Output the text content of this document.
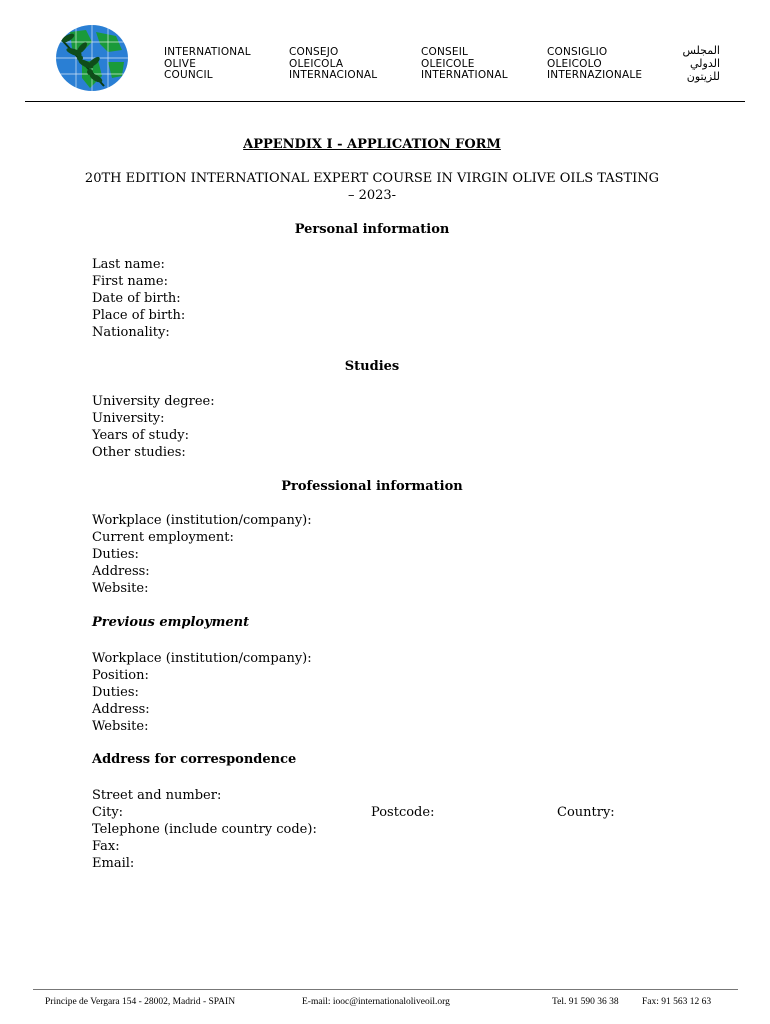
INTERNATIONAL
OLIVE
COUNCIL
CONSEJO
OLEICOLA
INTERNACIONAL
CONSEIL
OLEICOLE
INTERNATIONAL
CONSIGLIO
OLEICOLO
INTERNAZIONALE
المجلس
الدولي
للزيتون
APPENDIX I - APPLICATION FORM
20TH EDITION INTERNATIONAL EXPERT COURSE IN VIRGIN OLIVE OILS TASTING
– 2023-
Personal information
Last name:
First name:
Date of birth:
Place of birth:
Nationality:
Studies
University degree:
University:
Years of study:
Other studies:
Professional information
Workplace (institution/company):
Current employment:
Duties:
Address:
Website:
Previous employment
Workplace (institution/company):
Position:
Duties:
Address:
Website:
Address for correspondence
Street and number:
City:	Postcode:	Country:
Telephone (include country code):
Fax:
Email:
Principe de Vergara 154 - 28002, Madrid - SPAIN	E-mail: iooc@internationaloliveoil.org	Tel. 91 590 36 38 Fax: 91 563 12 63
